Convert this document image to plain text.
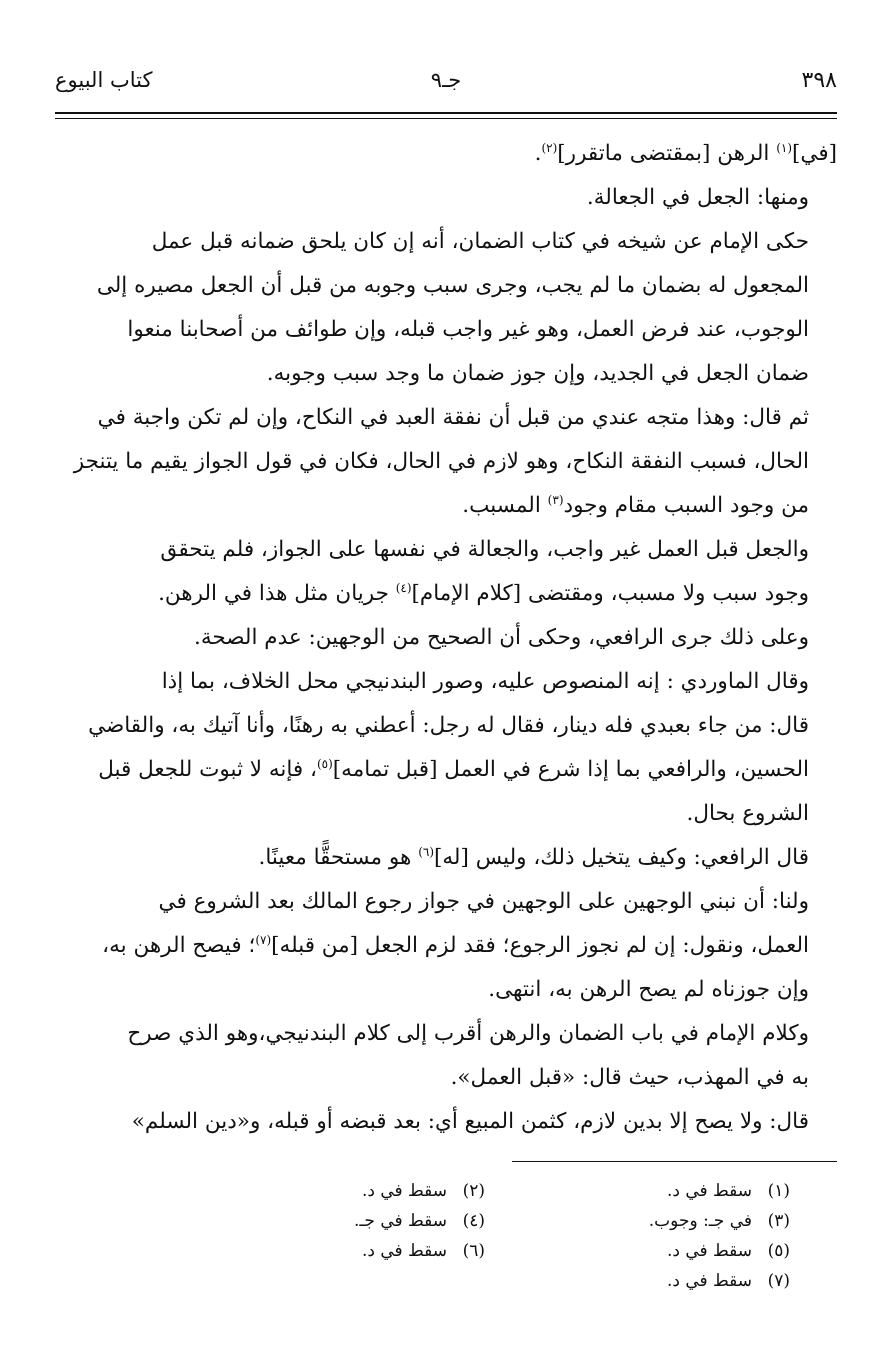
٣٩٨
جـ٩
كتاب البيوع

[في]$^{(١)}$ الرهن [بمقتضى ماتقرر]$^{(٢)}$.

ومنها: الجعل في الجعالة.

حكى الإمام عن شيخه في كتاب الضمان، أنه إن كان يلحق ضمانه قبل عمل
المجعول له بضمان ما لم يجب، وجرى سبب وجوبه من قبل أن الجعل مصيره إلى
الوجوب، عند فرض العمل، وهو غير واجب قبله، وإن طوائف من أصحابنا منعوا
ضمان الجعل في الجديد، وإن جوز ضمان ما وجد سبب وجوبه.

ثم قال: وهذا متجه عندي من قبل أن نفقة العبد في النكاح، وإن لم تكن واجبة في
الحال، فسبب النفقة النكاح، وهو لازم في الحال، فكان في قول الجواز يقيم ما يتنجز
من وجود السبب مقام وجود$^{(٣)}$ المسبب.

والجعل قبل العمل غير واجب، والجعالة في نفسها على الجواز، فلم يتحقق
وجود سبب ولا مسبب، ومقتضى [كلام الإمام]$^{(٤)}$ جريان مثل هذا في الرهن.

وعلى ذلك جرى الرافعي، وحكى أن الصحيح من الوجهين: عدم الصحة.

وقال الماوردي : إنه المنصوص عليه، وصور البندنيجي محل الخلاف، بما إذا
قال: من جاء بعبدي فله دينار، فقال له رجل: أعطني به رهنًا، وأنا آتيك به، والقاضي
الحسين، والرافعي بما إذا شرع في العمل [قبل تمامه]$^{(٥)}$، فإنه لا ثبوت للجعل قبل
الشروع بحال.

قال الرافعي: وكيف يتخيل ذلك، وليس [له]$^{(٦)}$ هو مستحقًّا معينًا.

ولنا: أن نبني الوجهين على الوجهين في جواز رجوع المالك بعد الشروع في
العمل، ونقول: إن لم نجوز الرجوع؛ فقد لزم الجعل [من قبله]$^{(٧)}$؛ فيصح الرهن به،
وإن جوزناه لم يصح الرهن به، انتهى.

وكلام الإمام في باب الضمان والرهن أقرب إلى كلام البندنيجي،وهو الذي صرح
به في المهذب، حيث قال: «قبل العمل».

قال: ولا يصح إلا بدين لازم، كثمن المبيع أي: بعد قبضه أو قبله، و«دين السلم»

(١)سقط في د.
(٢)سقط في د.
(٣)في جـ: وجوب.
(٤)سقط في جـ.
(٥)سقط في د.
(٦)سقط في د.
(٧)سقط في د.
